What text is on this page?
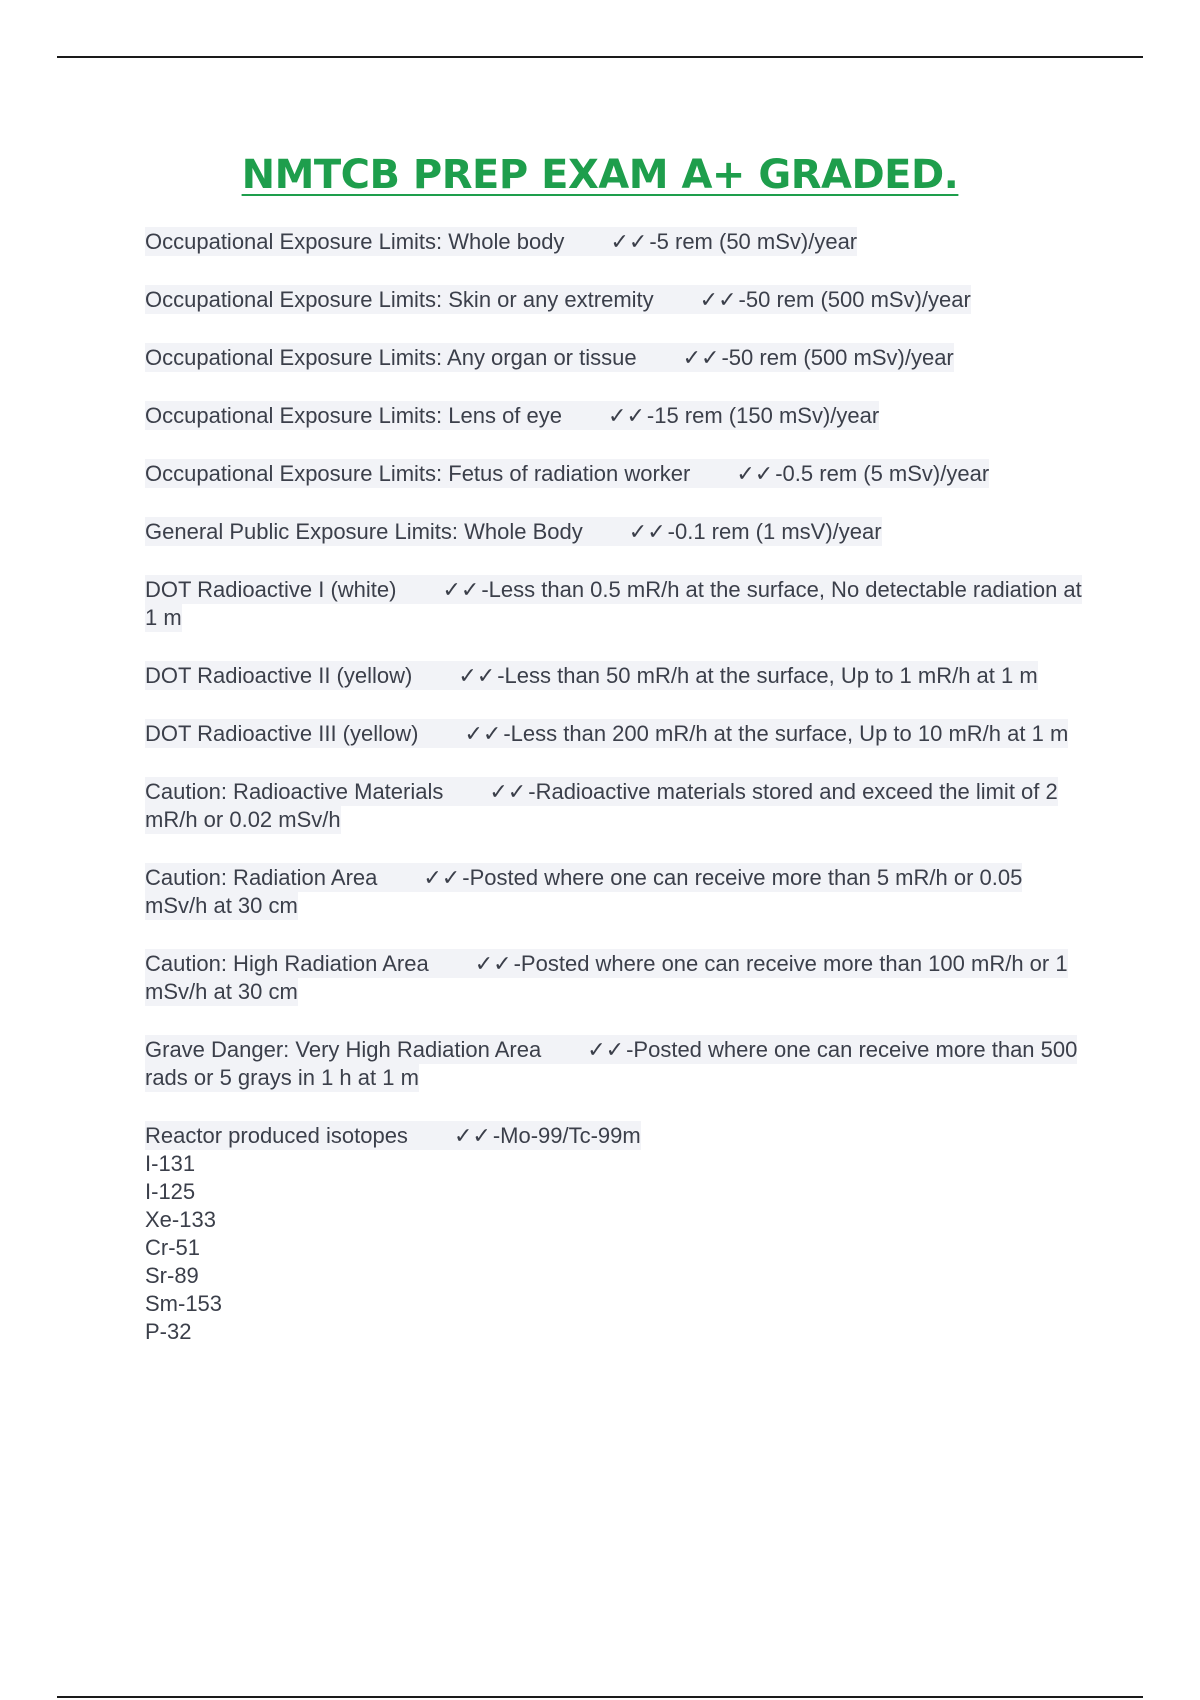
NMTCB PREP EXAM A+ GRADED.
Occupational Exposure Limits: Whole body ✓✓-5 rem (50 mSv)/year
Occupational Exposure Limits: Skin or any extremity ✓✓-50 rem (500 mSv)/year
Occupational Exposure Limits: Any organ or tissue ✓✓-50 rem (500 mSv)/year
Occupational Exposure Limits: Lens of eye ✓✓-15 rem (150 mSv)/year
Occupational Exposure Limits: Fetus of radiation worker ✓✓-0.5 rem (5 mSv)/year
General Public Exposure Limits: Whole Body ✓✓-0.1 rem (1 msV)/year
DOT Radioactive I (white) ✓✓-Less than 0.5 mR/h at the surface, No detectable radiation at 1 m
DOT Radioactive II (yellow) ✓✓-Less than 50 mR/h at the surface, Up to 1 mR/h at 1 m
DOT Radioactive III (yellow) ✓✓-Less than 200 mR/h at the surface, Up to 10 mR/h at 1 m
Caution: Radioactive Materials ✓✓-Radioactive materials stored and exceed the limit of 2 mR/h or 0.02 mSv/h
Caution: Radiation Area ✓✓-Posted where one can receive more than 5 mR/h or 0.05 mSv/h at 30 cm
Caution: High Radiation Area ✓✓-Posted where one can receive more than 100 mR/h or 1 mSv/h at 30 cm
Grave Danger: Very High Radiation Area ✓✓-Posted where one can receive more than 500 rads or 5 grays in 1 h at 1 m
Reactor produced isotopes ✓✓-Mo-99/Tc-99m
I-131
I-125
Xe-133
Cr-51
Sr-89
Sm-153
P-32
